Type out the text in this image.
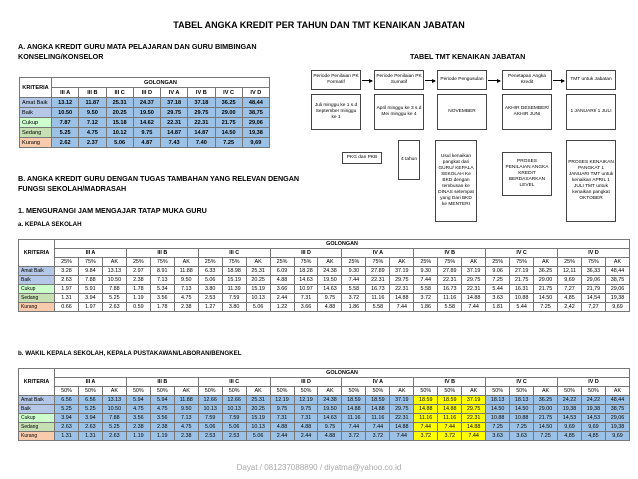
TABEL ANGKA KREDIT PER TAHUN DAN TMT KENAIKAN JABATAN
A. ANGKA KREDIT GURU MATA PELAJARAN DAN GURU BIMBINGAN
KONSELING/KONSELOR	TABEL TMT KENAIKAN JABATAN
KRITERIA	GOLONGAN							
	III A	III B	III C	III D	IV A	IV B	IV C	IV D
Amat Baik	13.12	11.87	25.31	24.37	37.18	37.18	36.25	48,44
Baik	10.50	9.50	20.25	19.50	29.75	29.75	29.00	38,75
Cukup	7.87	7.12	15.18	14.62	22.31	22.31	21.75	29,06
Sedang	5.25	4.75	10.12	9.75	14.87	14.87	14.50	19,38
Kurang	2.62	2.37	5.06	4.87	7.43	7.40	7.25	9,69
Periode Penilaian PK Formatif
Juli minggu ke 1 s.d September minggu ke 1
Periode Penilaian PK Sumatif
April minggu ke 3 s.d Mei minggu ke 4
Periode Pengusulan
NOVEMBER
Penetapan Angka Kredit
AKHIR DESEMBER/ AKHIR JUNI
TMT untuk Jabatan
1 JANUARI/ 1 JULI
PKG dan PKB	4 tahun
Usul kenaikan pangkat dari GURU/ KEPALA SEKOLAH Ke BKD dengan tembusan ke DINAS setempat yang Dari BKD ke MENTERI
PROSES PENILAIAN ANGKA KREDIT BERDASARKAN LEVEL
PROSES KENAIKAN PANGKAT 1 JANUARI TMT untuk kenaikan APRIL 1 JULI TMT untuk kenaikan pangkat OKTOBER
B. ANGKA KREDIT GURU DENGAN TUGAS TAMBAHAN YANG RELEVAN DENGAN
FUNGSI SEKOLAH/MADRASAH
1. MENGURANGI JAM MENGAJAR TATAP MUKA GURU
a. KEPALA SEKOLAH
KRITERIA	GOLONGAN																							
	III A			III B			III C			III D			IV A			IV B			IV C			IV D		
	25%	75%	AK	25%	75%	AK	25%	75%	AK	25%	75%	AK	25%	75%	AK	25%	75%	AK	25%	75%	AK	25%	75%	AK
Amat Baik	3.28	9.84	13.13	2.97	8.91	11.88	6.33	18.98	25.31	6.09	18.28	24.38	9.30	27.89	37.19	9.30	27.89	37.19	9.06	27.19	36.25	12,11	36,33	48,44
Baik	2.63	7.88	10.50	2.38	7.13	9.50	5.06	15.19	20.25	4.88	14.63	19.50	7.44	22.31	29.75	7.44	22.31	29.75	7.25	21.75	29.00	9,69	29,06	38,75
Cukup	1.97	5.91	7.88	1.78	5.34	7.13	3.80	11.39	15.19	3.66	10.97	14.63	5.58	16.73	22.31	5.58	16.73	22.31	5.44	16.31	21.75	7,27	21,79	29,06
Sedang	1.31	3.94	5.25	1.19	3.56	4.75	2.53	7.59	10.13	2.44	7.31	9.75	3.72	11.16	14.88	3.72	11.16	14.88	3.63	10.88	14.50	4,85	14,54	19,38
Kurang	0.66	1.97	2.63	0.59	1.78	2.38	1.27	3.80	5.06	1.22	3.66	4.88	1.86	5.58	7.44	1.86	5.58	7.44	1.81	5.44	7.25	2,42	7,27	9,69
b. WAKIL KEPALA SEKOLAH, KEPALA PUSTAKAWAN/LABORAN/BENGKEL
KRITERIA	GOLONGAN																							
	III A			III B			III C			III D			IV A			IV B			IV C			IV D		
	50%	50%	AK	50%	50%	AK	50%	50%	AK	50%	50%	AK	50%	50%	AK	50%	50%	AK	50%	50%	AK	50%	50%	AK
Amat Baik	6.56	6.56	13.13	5.94	5.94	11.88	12.66	12.66	25.31	12.19	12.19	24.38	18.59	18.59	37.19	18.59	18.59	37.19	18.13	18.13	36.25	24,22	24,22	48,44
Baik	5.25	5.25	10.50	4.75	4.75	9.50	10.13	10.13	20.25	9.75	9.75	19.50	14.88	14.88	29.75	14.88	14.88	29.75	14.50	14.50	29.00	19,38	19,38	38,75
Cukup	3.94	3.94	7.88	3.56	3.56	7.13	7.59	7.59	15.19	7.31	7.31	14.63	11.16	11.16	22.31	11.16	11.16	22.31	10.88	10.88	21.75	14,53	14,53	29,06
Sedang	2.63	2.63	5.25	2.38	2.38	4.75	5.06	5.06	10.13	4.88	4.88	9.75	7.44	7.44	14.88	7.44	7.44	14.88	7.25	7.25	14.50	9,69	9,69	19,38
Kurang	1.31	1.31	2.63	1.19	1.19	2.38	2.53	2.53	5.06	2.44	2.44	4.88	3.72	3.72	7.44	3.72	3.72	7.44	3.63	3.63	7.25	4,85	4,85	9,69
Dayat / 081237088890 / diyatma@yahoo.co.id
